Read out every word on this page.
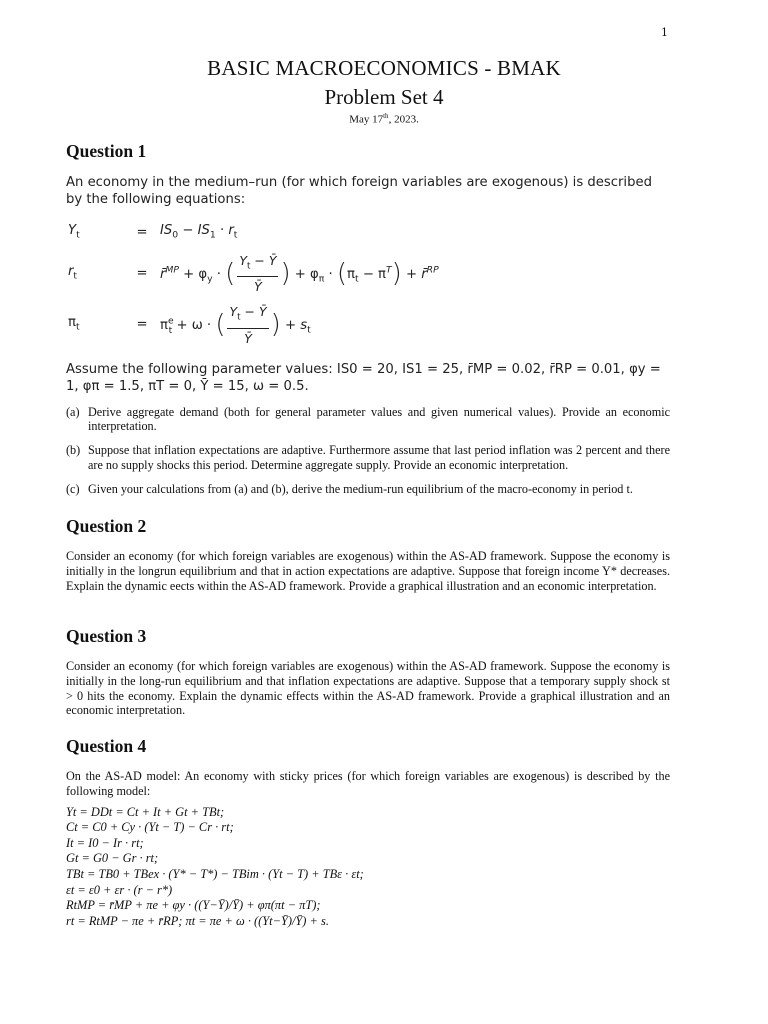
1
BASIC MACROECONOMICS - BMAK
Problem Set 4
May 17th, 2023.
Question 1
An economy in the medium–run (for which foreign variables are exogenous) is described by the following equations:
$Y_t$	= $IS_0 - IS_1 \cdot r_t$
$r_t$	= r̄$^{MP}$ + $\varphi_y$ · ( $\frac{Y_t - Ȳ}{Ȳ}$ ) + $\varphi_\pi \cdot (\pi_t - \pi^T)$ + r̄$^{RP}$
$\pi_t$	= $\pi^e_t + \omega$ · ( $\frac{Y_t - Ȳ}{Ȳ}$ ) + $s_t$
Assume the following parameter values: IS0 = 20, IS1 = 25, r̄MP = 0.02, r̄RP = 0.01, φy = 1, φπ = 1.5, πT = 0, Ȳ = 15, ω = 0.5.
(a) Derive aggregate demand (both for general parameter values and given numerical values). Provide an economic interpretation.
(b) Suppose that inflation expectations are adaptive. Furthermore assume that last period inflation was 2 percent and there are no supply shocks this period. Determine aggregate supply. Provide an economic interpretation.
(c) Given your calculations from (a) and (b), derive the medium-run equilibrium of the macro-economy in period t.
Question 2

Consider an economy (for which foreign variables are exogenous) within the AS-AD framework. Suppose the economy is initially in the longrun equilibrium and that in action expectations are adaptive. Suppose that foreign income Y* decreases. Explain the dynamic eects within the AS-AD framework. Provide a graphical illustration and an economic interpretation.

Question 3

Consider an economy (for which foreign variables are exogenous) within the AS-AD framework. Suppose the economy is initially in the long-run equilibrium and that inflation expectations are adaptive. Suppose that a temporary supply shock st > 0 hits the economy. Explain the dynamic effects within the AS-AD framework. Provide a graphical illustration and an economic interpretation.

Question 4

On the AS-AD model: An economy with sticky prices (for which foreign variables are exogenous) is described by the following model:

Yt = DDt = Ct + It + Gt + TBt;
Ct = C0 + Cy · (Yt − T) − Cr · rt;
It = I0 − Ir · rt;
Gt = G0 − Gr · rt;
TBt = TB0 + TBex · (Y* − T*) − TBim · (Yt − T) + TBε · εt;
εt = ε0 + εr · (r − r*)
RtMP = r̄MP + πe + φy · ((Y−Ȳ)/Ȳ) + φπ(πt − πT);
rt = RtMP − πe + r̄RP; πt = πe + ω · ((Yt−Ȳ)/Ȳ) + s.
